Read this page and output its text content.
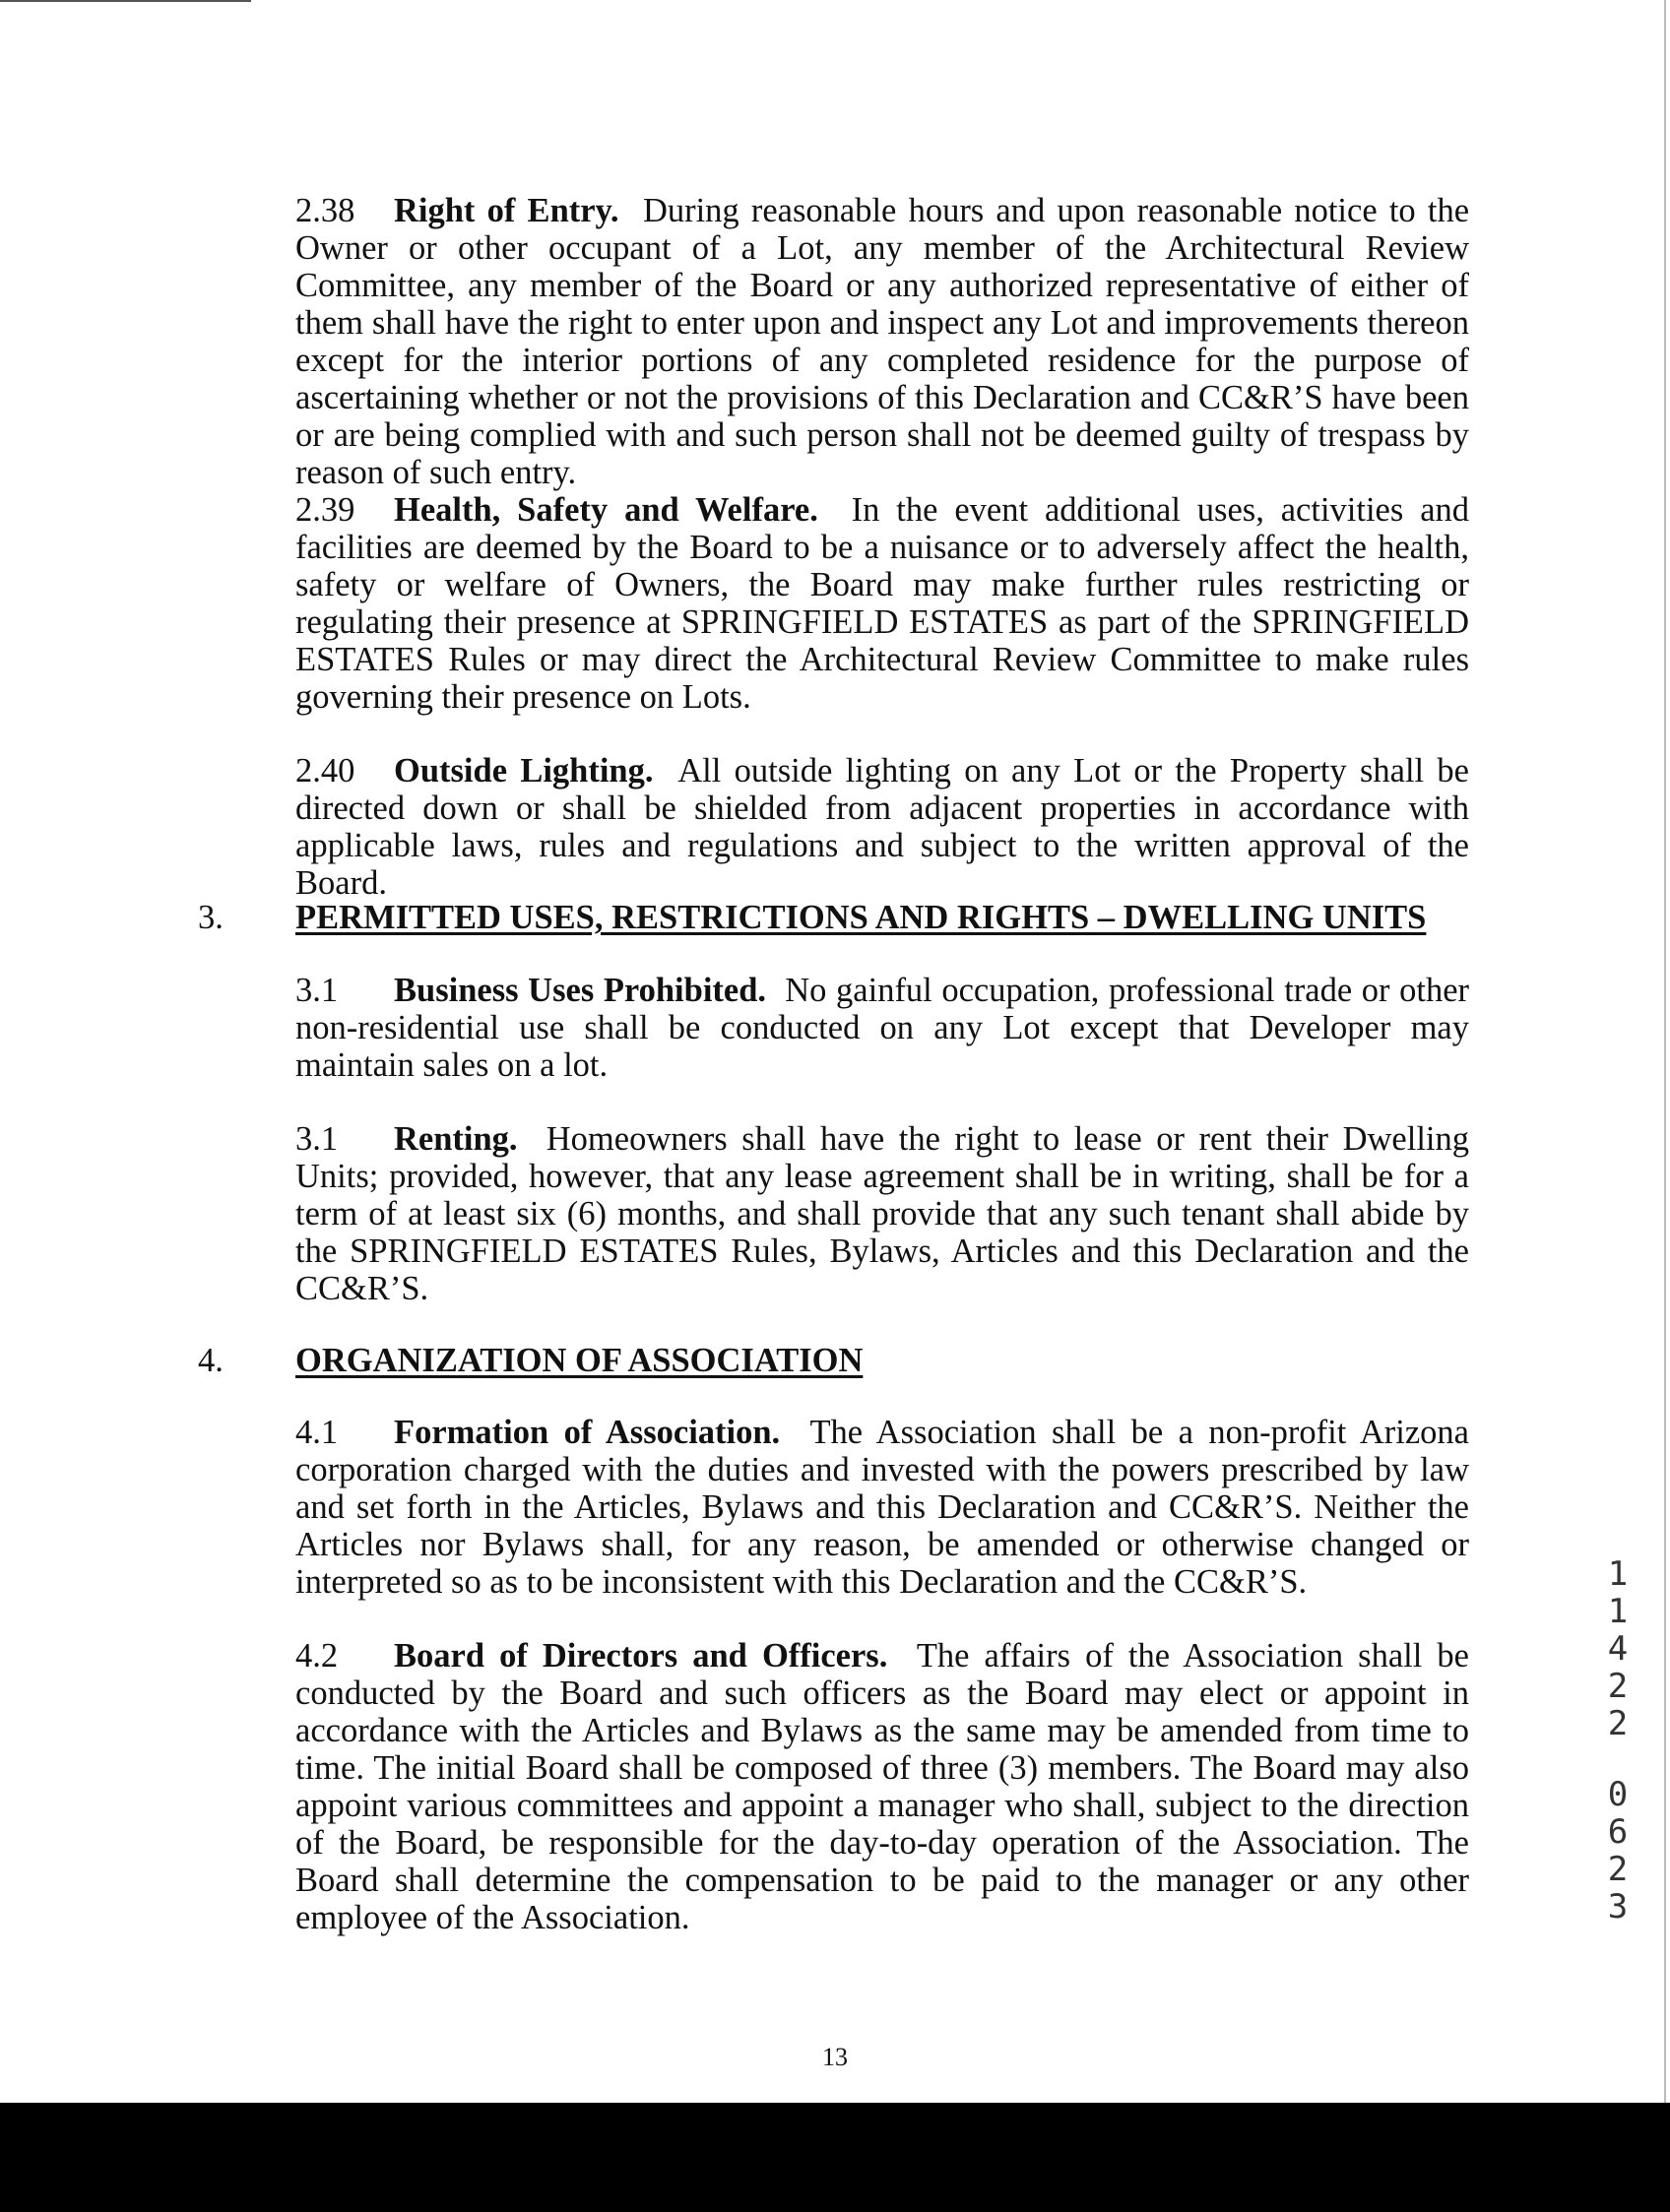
2.38 Right of Entry. During reasonable hours and upon reasonable notice to the Owner or other occupant of a Lot, any member of the Architectural Review Committee, any member of the Board or any authorized representative of either of them shall have the right to enter upon and inspect any Lot and improvements thereon except for the interior portions of any completed residence for the purpose of ascertaining whether or not the provisions of this Declaration and CC&R’S have been or are being complied with and such person shall not be deemed guilty of trespass by reason of such entry.

2.39 Health, Safety and Welfare. In the event additional uses, activities and facilities are deemed by the Board to be a nuisance or to adversely affect the health, safety or welfare of Owners, the Board may make further rules restricting or regulating their presence at SPRINGFIELD ESTATES as part of the SPRINGFIELD ESTATES Rules or may direct the Architectural Review Committee to make rules governing their presence on Lots.

2.40 Outside Lighting. All outside lighting on any Lot or the Property shall be directed down or shall be shielded from adjacent properties in accordance with applicable laws, rules and regulations and subject to the written approval of the Board.

3. PERMITTED USES, RESTRICTIONS AND RIGHTS – DWELLING UNITS

3.1 Business Uses Prohibited. No gainful occupation, professional trade or other non-residential use shall be conducted on any Lot except that Developer may maintain sales on a lot.

3.1 Renting. Homeowners shall have the right to lease or rent their Dwelling Units; provided, however, that any lease agreement shall be in writing, shall be for a term of at least six (6) months, and shall provide that any such tenant shall abide by the SPRINGFIELD ESTATES Rules, Bylaws, Articles and this Declaration and the CC&R’S.

4. ORGANIZATION OF ASSOCIATION

4.1 Formation of Association. The Association shall be a non-profit Arizona corporation charged with the duties and invested with the powers prescribed by law and set forth in the Articles, Bylaws and this Declaration and CC&R’S. Neither the Articles nor Bylaws shall, for any reason, be amended or otherwise changed or interpreted so as to be inconsistent with this Declaration and the CC&R’S.

4.2 Board of Directors and Officers. The affairs of the Association shall be conducted by the Board and such officers as the Board may elect or appoint in accordance with the Articles and Bylaws as the same may be amended from time to time. The initial Board shall be composed of three (3) members. The Board may also appoint various committees and appoint a manager who shall, subject to the direction of the Board, be responsible for the day-to-day operation of the Association. The Board shall determine the compensation to be paid to the manager or any other employee of the Association.

1
1
4
2
2
0
6
2
3
13
